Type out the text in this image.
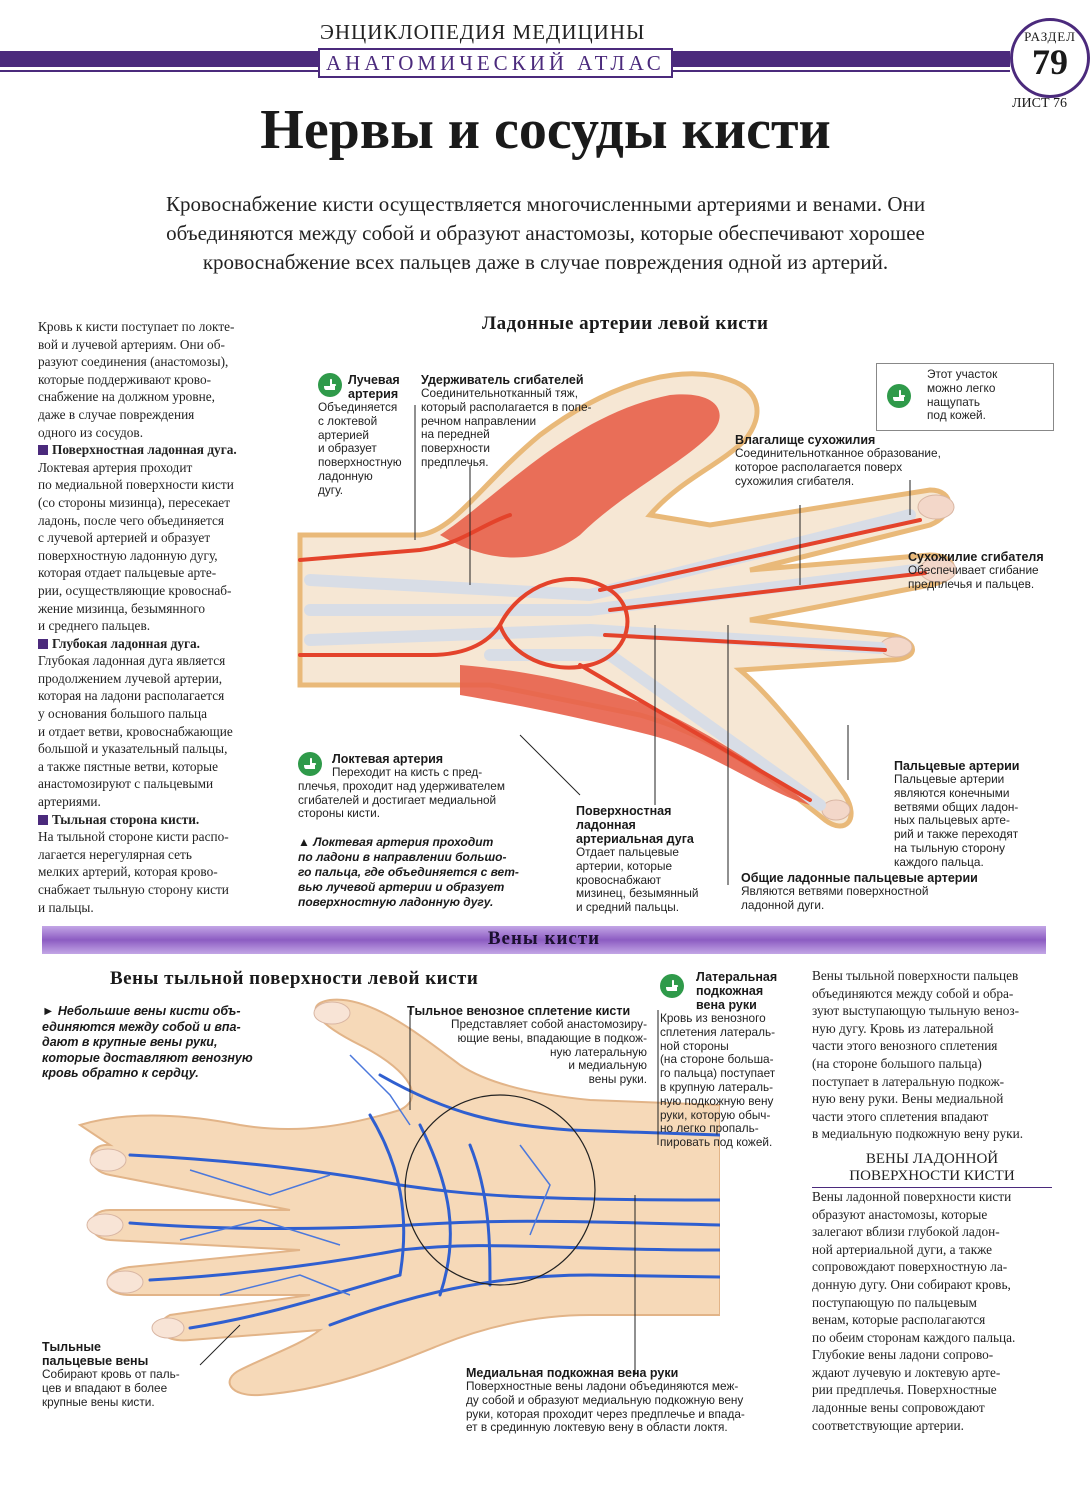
ЭНЦИКЛОПЕДИЯ МЕДИЦИНЫ
АНАТОМИЧЕСКИЙ АТЛАС
РАЗДЕЛ
79
ЛИСТ 76
Нервы и сосуды кисти
Кровоснабжение кисти осуществляется многочисленными артериями и венами. Они
объединяются между собой и образуют анастомозы, которые обеспечивают хорошее
кровоснабжение всех пальцев даже в случае повреждения одной из артерий.
Кровь к кисти поступает по локте-
вой и лучевой артериям. Они об-
разуют соединения (анастомозы),
которые поддерживают крово-
снабжение на должном уровне,
даже в случае повреждения
одного из сосудов.
Поверхностная ладонная дуга.
Локтевая артерия проходит
по медиальной поверхности кисти
(со стороны мизинца), пересекает
ладонь, после чего объединяется
с лучевой артерией и образует
поверхностную ладонную дугу,
которая отдает пальцевые арте-
рии, осуществляющие кровоснаб-
жение мизинца, безымянного
и среднего пальцев.
Глубокая ладонная дуга.
Глубокая ладонная дуга является
продолжением лучевой артерии,
которая на ладони располагается
у основания большого пальца
и отдает ветви, кровоснабжающие
большой и указательный пальцы,
а также пястные ветви, которые
анастомозируют с пальцевыми
артериями.
Тыльная сторона кисти.
На тыльной стороне кисти распо-
лагается нерегулярная сеть
мелких артерий, которая крово-
снабжает тыльную сторону кисти
и пальцы.
Ладонные артерии левой кисти
Лучевая
артерия
Объединяется
с локтевой
артерией
и образует
поверхностную
ладонную
дугу.
Удерживатель сгибателей
Соединительнотканный тяж,
который располагается в попе-
речном направлении
на передней
поверхности
предплечья.
Этот участок
можно легко
нащупать
под кожей.
Влагалище сухожилия
Соединительнотканное образование,
которое располагается поверх
сухожилия сгибателя.
Сухожилие сгибателя
Обеспечивает сгибание
предплечья и пальцев.
Локтевая артерия
Переходит на кисть с пред-
плечья, проходит над удерживателем
сгибателей и достигает медиальной
стороны кисти.
▲ Локтевая артерия проходит
по ладони в направлении большо-
го пальца, где объединяется с вет-
вью лучевой артерии и образует
поверхностную ладонную дугу.
Поверхностная
ладонная
артериальная дуга
Отдает пальцевые
артерии, которые
кровоснабжают
мизинец, безымянный
и средний пальцы.
Пальцевые артерии
Пальцевые артерии
являются конечными
ветвями общих ладон-
ных пальцевых арте-
рий и также переходят
на тыльную сторону
каждого пальца.
Общие ладонные пальцевые артерии
Являются ветвями поверхностной
ладонной дуги.
Вены кисти
Вены тыльной поверхности левой кисти
► Небольшие вены кисти объ-
единяются между собой и впа-
дают в крупные вены руки,
которые доставляют венозную
кровь обратно к сердцу.
Тыльное венозное сплетение кисти
Представляет собой анастомозиру-
ющие вены, впадающие в подкож-
ную латеральную
и медиальную
вены руки.
Латеральная
подкожная
вена руки
Кровь из венозного
сплетения латераль-
ной стороны
(на стороне больша-
го пальца) поступает
в крупную латераль-
ную подкожную вену
руки, которую обыч-
но легко пропаль-
пировать под кожей.
Вены тыльной поверхности пальцев
объединяются между собой и обра-
зуют выступающую тыльную веноз-
ную дугу. Кровь из латеральной
части этого венозного сплетения
(на стороне большого пальца)
поступает в латеральную подкож-
ную вену руки. Вены медиальной
части этого сплетения впадают
в медиальную подкожную вену руки.
ВЕНЫ ЛАДОННОЙ
ПОВЕРХНОСТИ КИСТИ
Вены ладонной поверхности кисти
образуют анастомозы, которые
залегают вблизи глубокой ладон-
ной артериальной дуги, а также
сопровождают поверхностную ла-
донную дугу. Они собирают кровь,
поступающую по пальцевым
венам, которые располагаются
по обеим сторонам каждого пальца.
Глубокие вены ладони сопрово-
ждают лучевую и локтевую арте-
рии предплечья. Поверхностные
ладонные вены сопровождают
соответствующие артерии.
Тыльные
пальцевые вены
Собирают кровь от паль-
цев и впадают в более
крупные вены кисти.
Медиальная подкожная вена руки
Поверхностные вены ладони объединяются меж-
ду собой и образуют медиальную подкожную вену
руки, которая проходит через предплечье и впада-
ет в срединную локтевую вену в области локтя.
